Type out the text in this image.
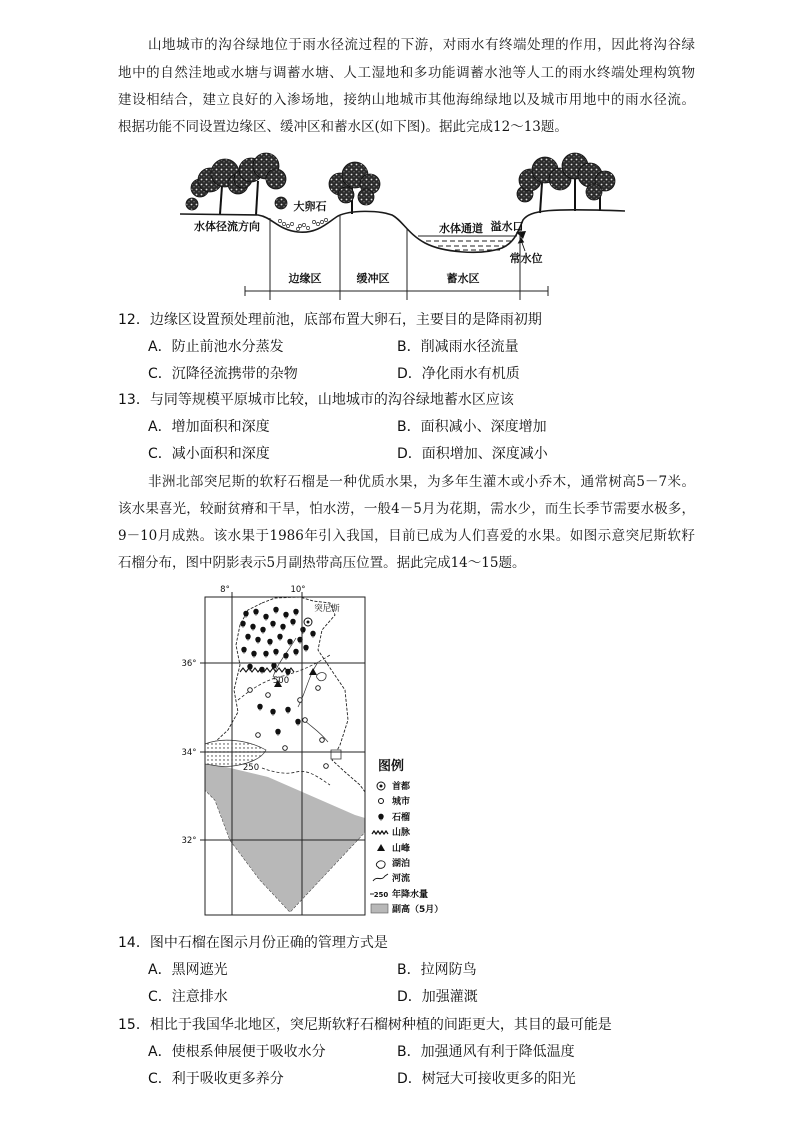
山地城市的沟谷绿地位于雨水径流过程的下游，对雨水有终端处理的作用，因此将沟谷绿
地中的自然洼地或水塘与调蓄水塘、人工湿地和多功能调蓄水池等人工的雨水终端处理构筑物
建设相结合，建立良好的入渗场地，接纳山地城市其他海绵绿地以及城市用地中的雨水径流。
根据功能不同设置边缘区、缓冲区和蓄水区(如下图)。据此完成12～13题。
大卵石
水体径流方向	水体通道 溢水口
常水位
边缘区	缓冲区	蓄水区
12．边缘区设置预处理前池，底部布置大卵石，主要目的是降雨初期
A．防止前池水分蒸发	B．削减雨水径流量
C．沉降径流携带的杂物	D．净化雨水有机质
13．与同等规模平原城市比较，山地城市的沟谷绿地蓄水区应该
A．增加面积和深度	B．面积减小、深度增加
C．减小面积和深度	D．面积增加、深度减小
非洲北部突尼斯的软籽石榴是一种优质水果，为多年生灌木或小乔木，通常树高5－7米。
该水果喜光，较耐贫瘠和干旱，怕水涝，一般4－5月为花期，需水少，而生长季节需要水极多，
9－10月成熟。该水果于1986年引入我国，目前已成为人们喜爱的水果。如图示意突尼斯软籽
石榴分布，图中阴影表示5月副热带高压位置。据此完成14～15题。
500
250
突尼斯
8°	10°
36°
34°
32°
图例
首都
城市
石榴
山脉
山峰
湖泊
河流
250 年降水量
副高（5月）
14．图中石榴在图示月份正确的管理方式是
A．黑网遮光	B．拉网防鸟
C．注意排水	D．加强灌溉
15．相比于我国华北地区，突尼斯软籽石榴树种植的间距更大，其目的最可能是
A．使根系伸展便于吸收水分	B．加强通风有利于降低温度
C．利于吸收更多养分	D．树冠大可接收更多的阳光
